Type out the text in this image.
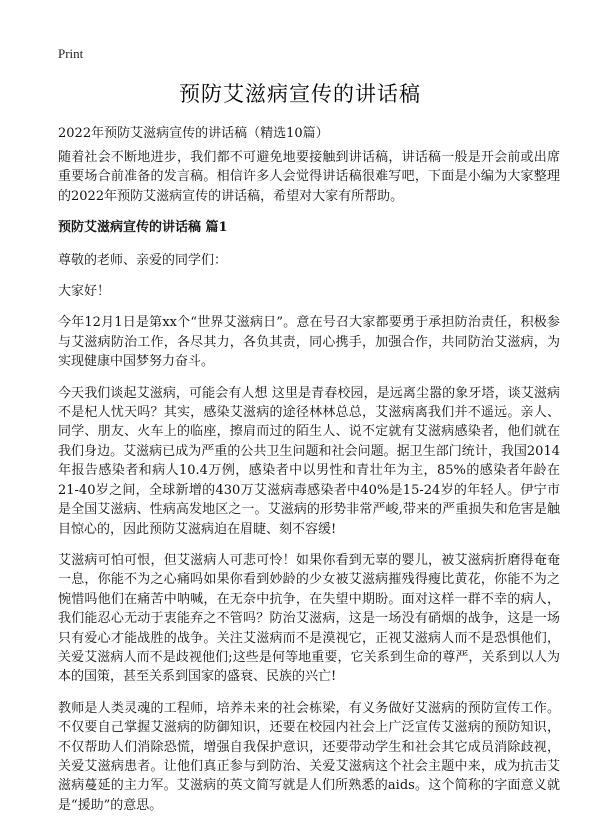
Print
预防艾滋病宣传的讲话稿
2022年预防艾滋病宣传的讲话稿（精选10篇）

随着社会不断地进步，我们都不可避免地要接触到讲话稿，讲话稿一般是开会前或出席重要场合前准备的发言稿。相信许多人会觉得讲话稿很难写吧，下面是小编为大家整理的2022年预防艾滋病宣传的讲话稿，希望对大家有所帮助。

预防艾滋病宣传的讲话稿 篇1

尊敬的老师、亲爱的同学们：

大家好！

今年12月1日是第xx个“世界艾滋病日”。意在号召大家都要勇于承担防治责任，积极参与艾滋病防治工作，各尽其力，各负其责，同心携手，加强合作，共同防治艾滋病，为实现健康中国梦努力奋斗。

今天我们谈起艾滋病，可能会有人想 这里是青春校园，是远离尘嚣的象牙塔，谈艾滋病不是杞人忧天吗？其实，感染艾滋病的途径林林总总，艾滋病离我们并不遥远。亲人、同学、朋友、火车上的临座，擦肩而过的陌生人、说不定就有艾滋病感染者，他们就在我们身边。艾滋病已成为严重的公共卫生问题和社会问题。据卫生部门统计，我国2014年报告感染者和病人10.4万例，感染者中以男性和青壮年为主，85%的感染者年龄在21-40岁之间，全球新增的430万艾滋病毒感染者中40%是15-24岁的年轻人。伊宁市是全国艾滋病、性病高发地区之一。艾滋病的形势非常严峻,带来的严重损失和危害是触目惊心的，因此预防艾滋病迫在眉睫、刻不容缓!

艾滋病可怕可恨，但艾滋病人可悲可怜！如果你看到无辜的婴儿，被艾滋病折磨得奄奄一息，你能不为之心痛吗如果你看到妙龄的少女被艾滋病摧残得瘦比黄花，你能不为之惋惜吗他们在痛苦中呐喊，在无奈中抗争，在失望中期盼。面对这样一群不幸的病人，我们能忍心无动于衷能弃之不管吗？防治艾滋病，这是一场没有硝烟的战争，这是一场只有爱心才能战胜的战争。关注艾滋病而不是漠视它，正视艾滋病人而不是恐惧他们，关爱艾滋病人而不是歧视他们;这些是何等地重要，它关系到生命的尊严，关系到以人为本的国策，甚至关系到国家的盛衰、民族的兴亡!

教师是人类灵魂的工程师，培养未来的社会栋梁，有义务做好艾滋病的预防宣传工作。不仅要自己掌握艾滋病的防御知识，还要在校园内社会上广泛宣传艾滋病的预防知识，不仅帮助人们消除恐慌，增强自我保护意识，还要带动学生和社会其它成员消除歧视，关爱艾滋病患者。让他们真正参与到防治、关爱艾滋病这个社会主题中来，成为抗击艾滋病蔓延的主力军。艾滋病的英文简写就是人们所熟悉的aids。这个简称的字面意义就是“援助”的意思。
